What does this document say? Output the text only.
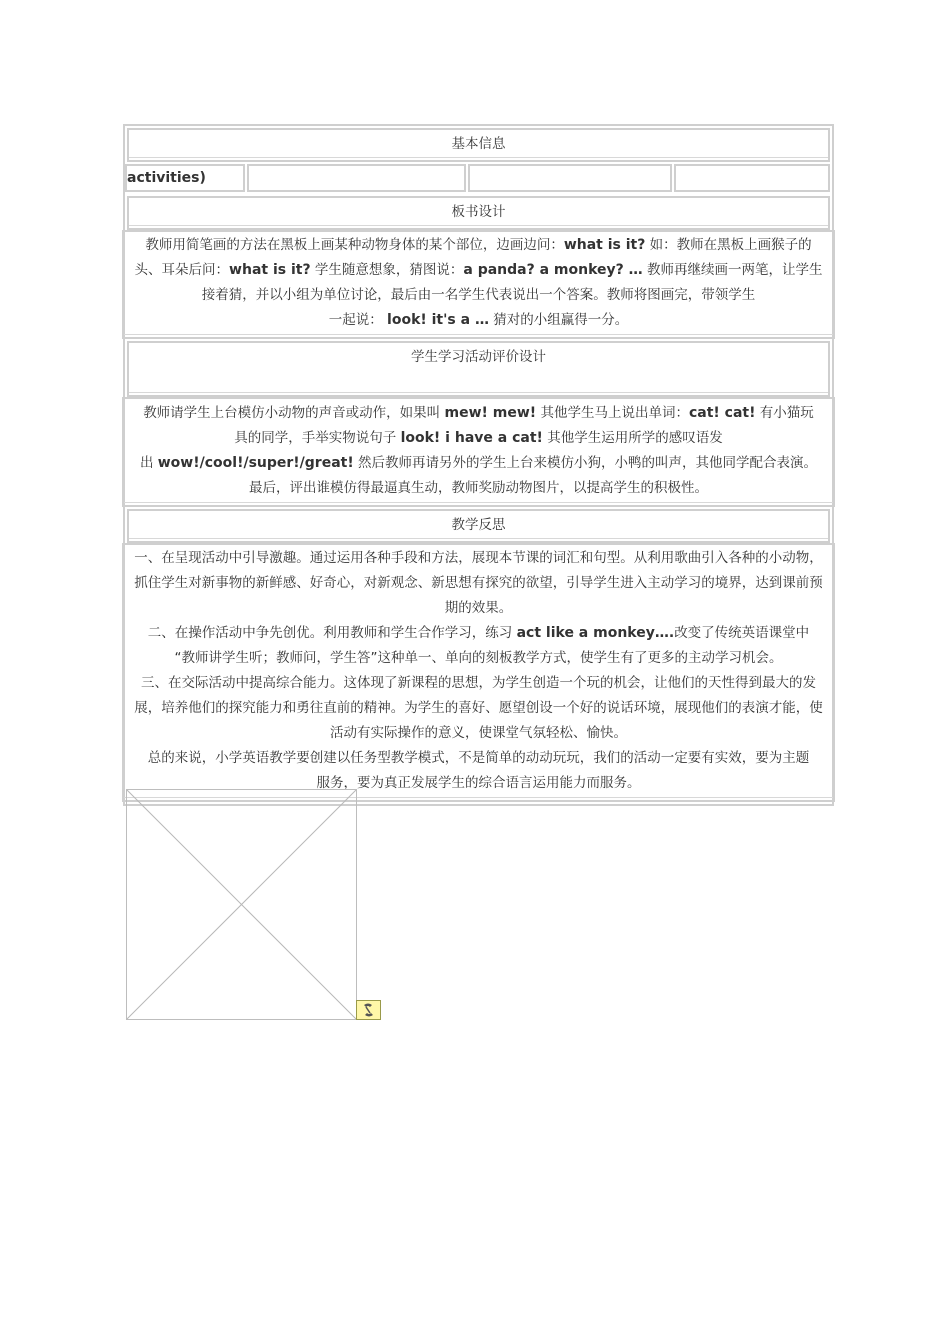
基本信息
activities)
板书设计
教师用简笔画的方法在黑板上画某种动物身体的某个部位，边画边问：what is it? 如：教师在黑板上画猴子的
头、耳朵后问：what is it? 学生随意想象，猜图说：a panda? a monkey? … 教师再继续画一两笔，让学生
接着猜，并以小组为单位讨论，最后由一名学生代表说出一个答案。教师将图画完，带领学生
一起说： look! it's a … 猜对的小组赢得一分。
学生学习活动评价设计
教师请学生上台模仿小动物的声音或动作，如果叫 mew! mew! 其他学生马上说出单词：cat! cat! 有小猫玩
具的同学，手举实物说句子 look! i have a cat! 其他学生运用所学的感叹语发
出 wow!/cool!/super!/great! 然后教师再请另外的学生上台来模仿小狗，小鸭的叫声，其他同学配合表演。
最后，评出谁模仿得最逼真生动，教师奖励动物图片，以提高学生的积极性。
教学反思
一、在呈现活动中引导激趣。通过运用各种手段和方法，展现本节课的词汇和句型。从利用歌曲引入各种的小动物，
抓住学生对新事物的新鲜感、好奇心，对新观念、新思想有探究的欲望，引导学生进入主动学习的境界，达到课前预
期的效果。
二、在操作活动中争先创优。利用教师和学生合作学习，练习 act like a monkey….改变了传统英语课堂中
“教师讲学生听；教师问，学生答”这种单一、单向的刻板教学方式，使学生有了更多的主动学习机会。
三、在交际活动中提高综合能力。这体现了新课程的思想，为学生创造一个玩的机会，让他们的天性得到最大的发
展，培养他们的探究能力和勇往直前的精神。为学生的喜好、愿望创设一个好的说话环境，展现他们的表演才能，使
活动有实际操作的意义，使课堂气氛轻松、愉快。
总的来说，小学英语教学要创建以任务型教学模式，不是简单的动动玩玩，我们的活动一定要有实效，要为主题
服务，要为真正发展学生的综合语言运用能力而服务。
